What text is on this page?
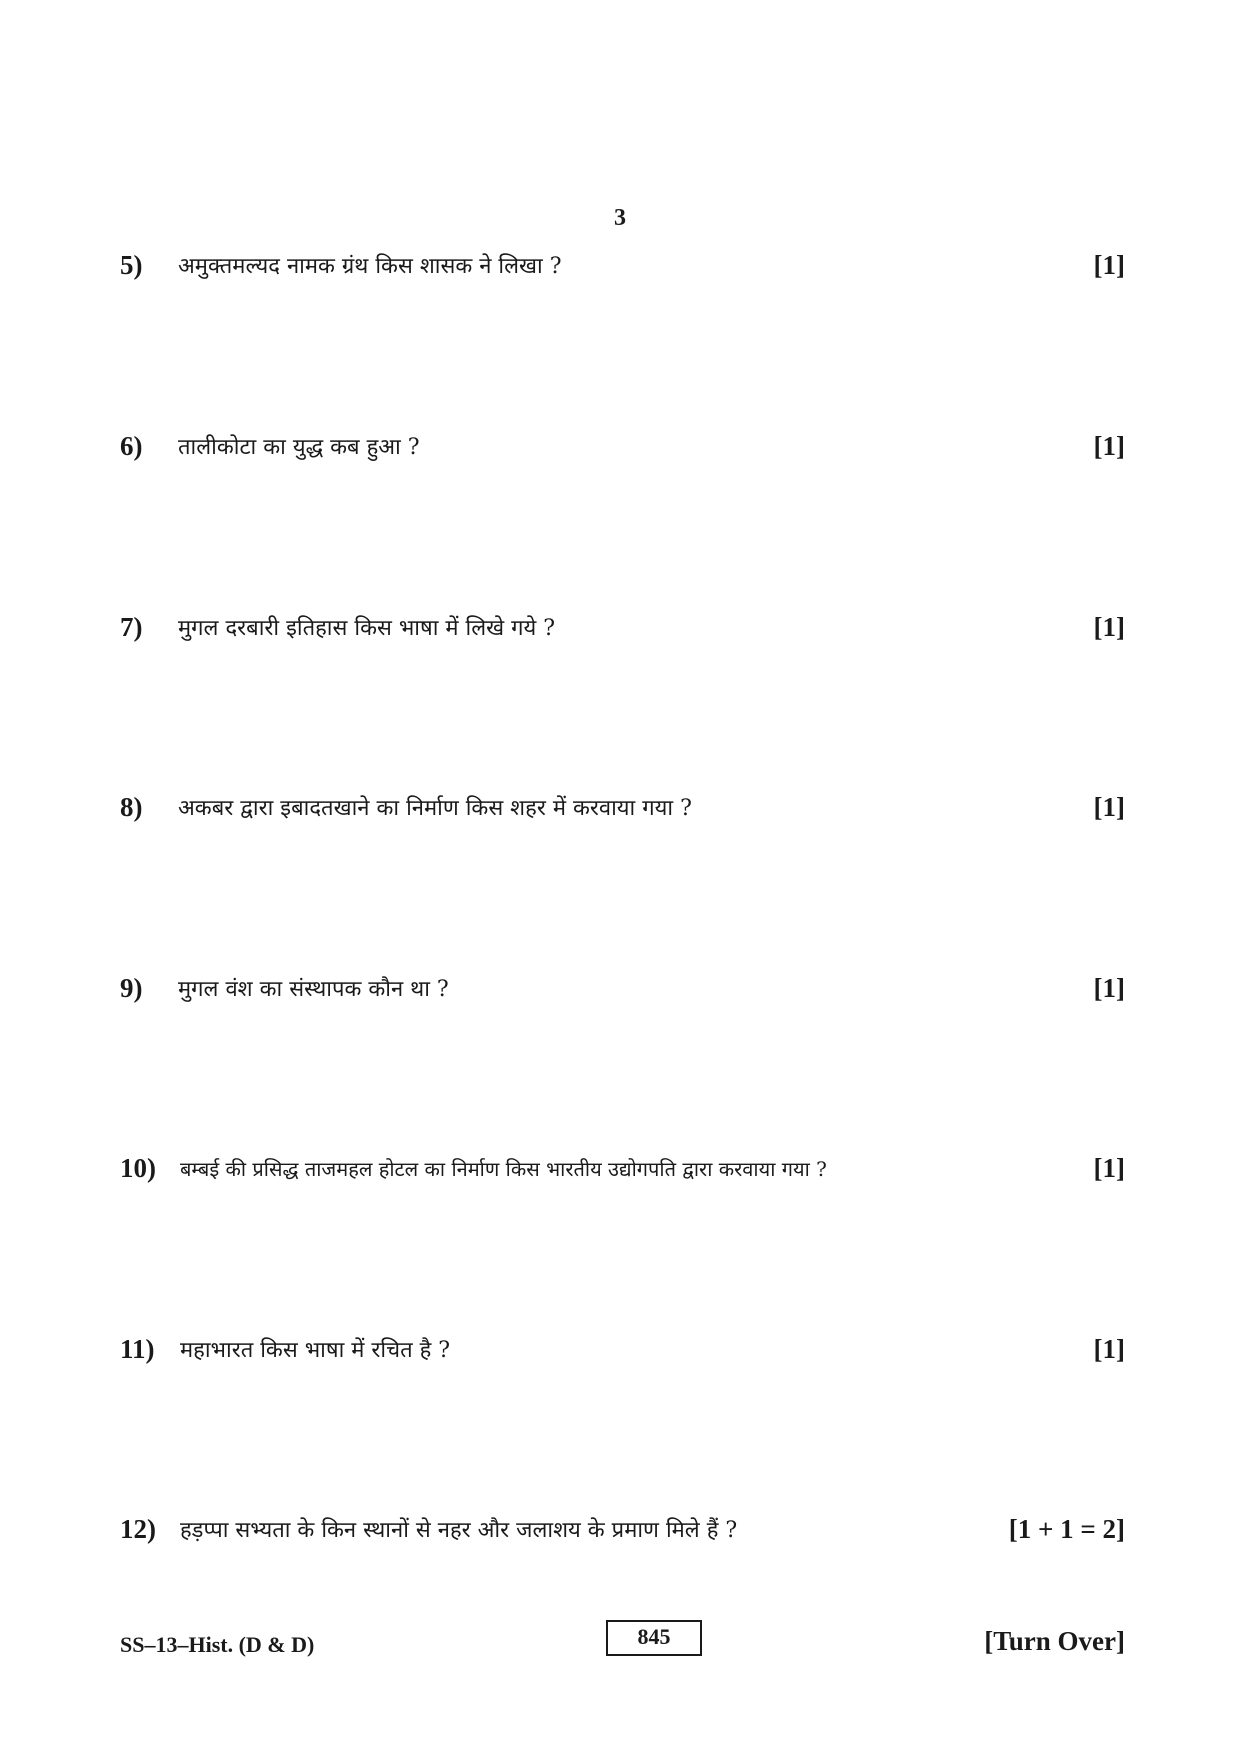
3
5)	अमुक्तमल्यद नामक ग्रंथ किस शासक ने लिखा ?	[1]
6)	तालीकोटा का युद्ध कब हुआ ?	[1]
7)	मुगल दरबारी इतिहास किस भाषा में लिखे गये ?	[1]
8)	अकबर द्वारा इबादतखाने का निर्माण किस शहर में करवाया गया ?	[1]
9)	मुगल वंश का संस्थापक कौन था ?	[1]
10)	बम्बई की प्रसिद्ध ताजमहल होटल का निर्माण किस भारतीय उद्योगपति द्वारा करवाया गया ?	[1]
11)	महाभारत किस भाषा में रचित है ?	[1]
12)	हड़प्पा सभ्यता के किन स्थानों से नहर और जलाशय के प्रमाण मिले हैं ?	[1 + 1 = 2]
SS–13–Hist. (D & D)	845	[Turn Over]
